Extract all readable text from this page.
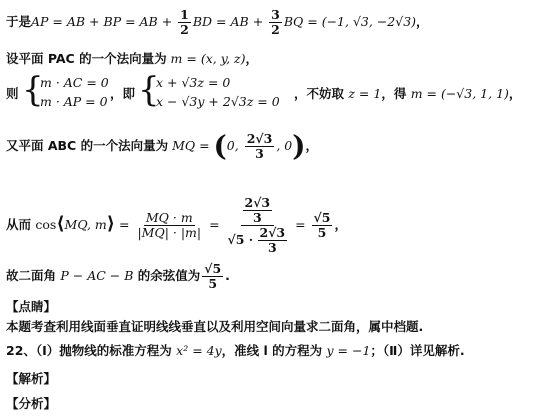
于是AP = AB + BP = AB + $\frac{1}{2}$ BD = AB + $\frac{3}{2}$ BQ = (−1, √3, −2√3)，
设平面 PAC 的一个法向量为 m = (x, y, z)，
则 {
m · AC = 0
m · AP = 0
，即 {
x + √3z = 0
x − √3y + 2√3z = 0
，不妨取 z = 1，得 m = (−√3, 1, 1)，
又平面 ABC 的一个法向量为 MQ = (0, $\frac{2√3}{3}$ , 0)，
从而 cos⟨MQ, m⟩ = $\frac{MQ \cdot m}{|MQ| \cdot |m|} = \frac{\frac{2√3}{3}}{√5 \cdot \frac{2√3}{3}} = \frac{√5}{5}$ ，
故二面角 P − AC − B 的余弦值为 $\frac{√5}{5}$ .
【点睛】
本题考查利用线面垂直证明线线垂直以及利用空间向量求二面角，属中档题.
22、（Ⅰ）抛物线的标准方程为 x² = 4y，准线 l 的方程为 y = −1；（Ⅱ）详见解析.
【解析】
【分析】
